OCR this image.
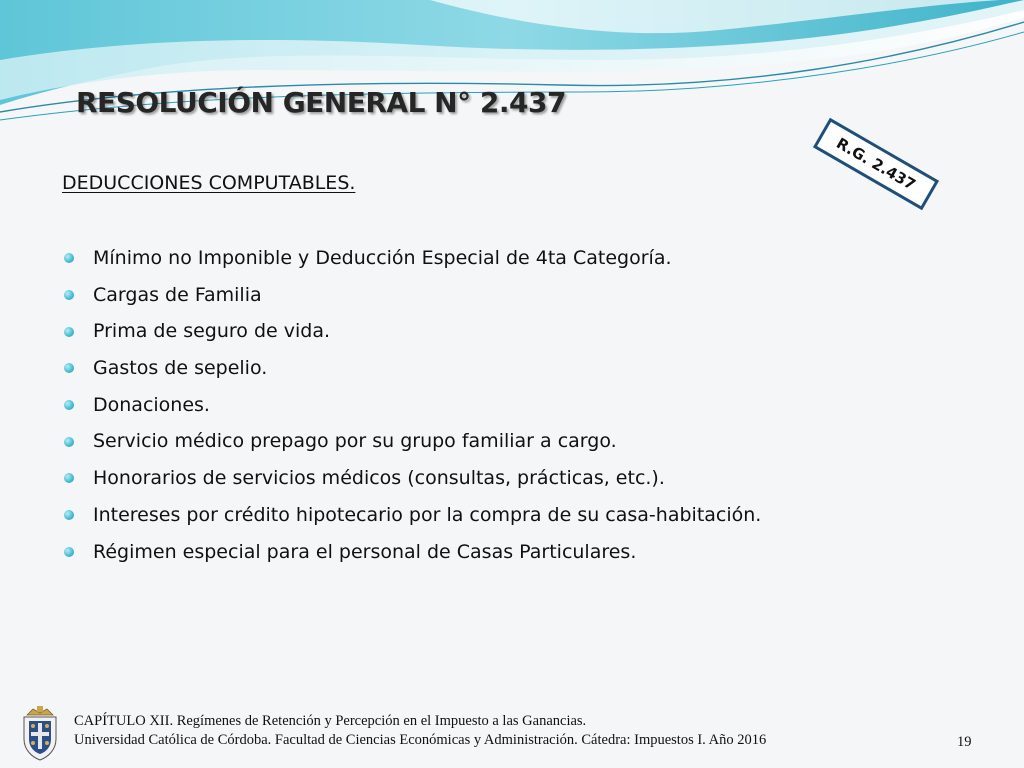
RESOLUCIÓN GENERAL N° 2.437
R.G. 2.437
DEDUCCIONES COMPUTABLES.
Mínimo no Imponible y Deducción Especial de 4ta Categoría.
Cargas de Familia
Prima de seguro de vida.
Gastos de sepelio.
Donaciones.
Servicio médico prepago por su grupo familiar a cargo.
Honorarios de servicios médicos (consultas, prácticas, etc.).
Intereses por crédito hipotecario por la compra de su casa-habitación.
Régimen especial para el personal de Casas Particulares.
CAPÍTULO XII. Regímenes de Retención y Percepción en el Impuesto a las Ganancias.
Universidad Católica de Córdoba. Facultad de Ciencias Económicas y Administración. Cátedra: Impuestos I. Año 2016	19
